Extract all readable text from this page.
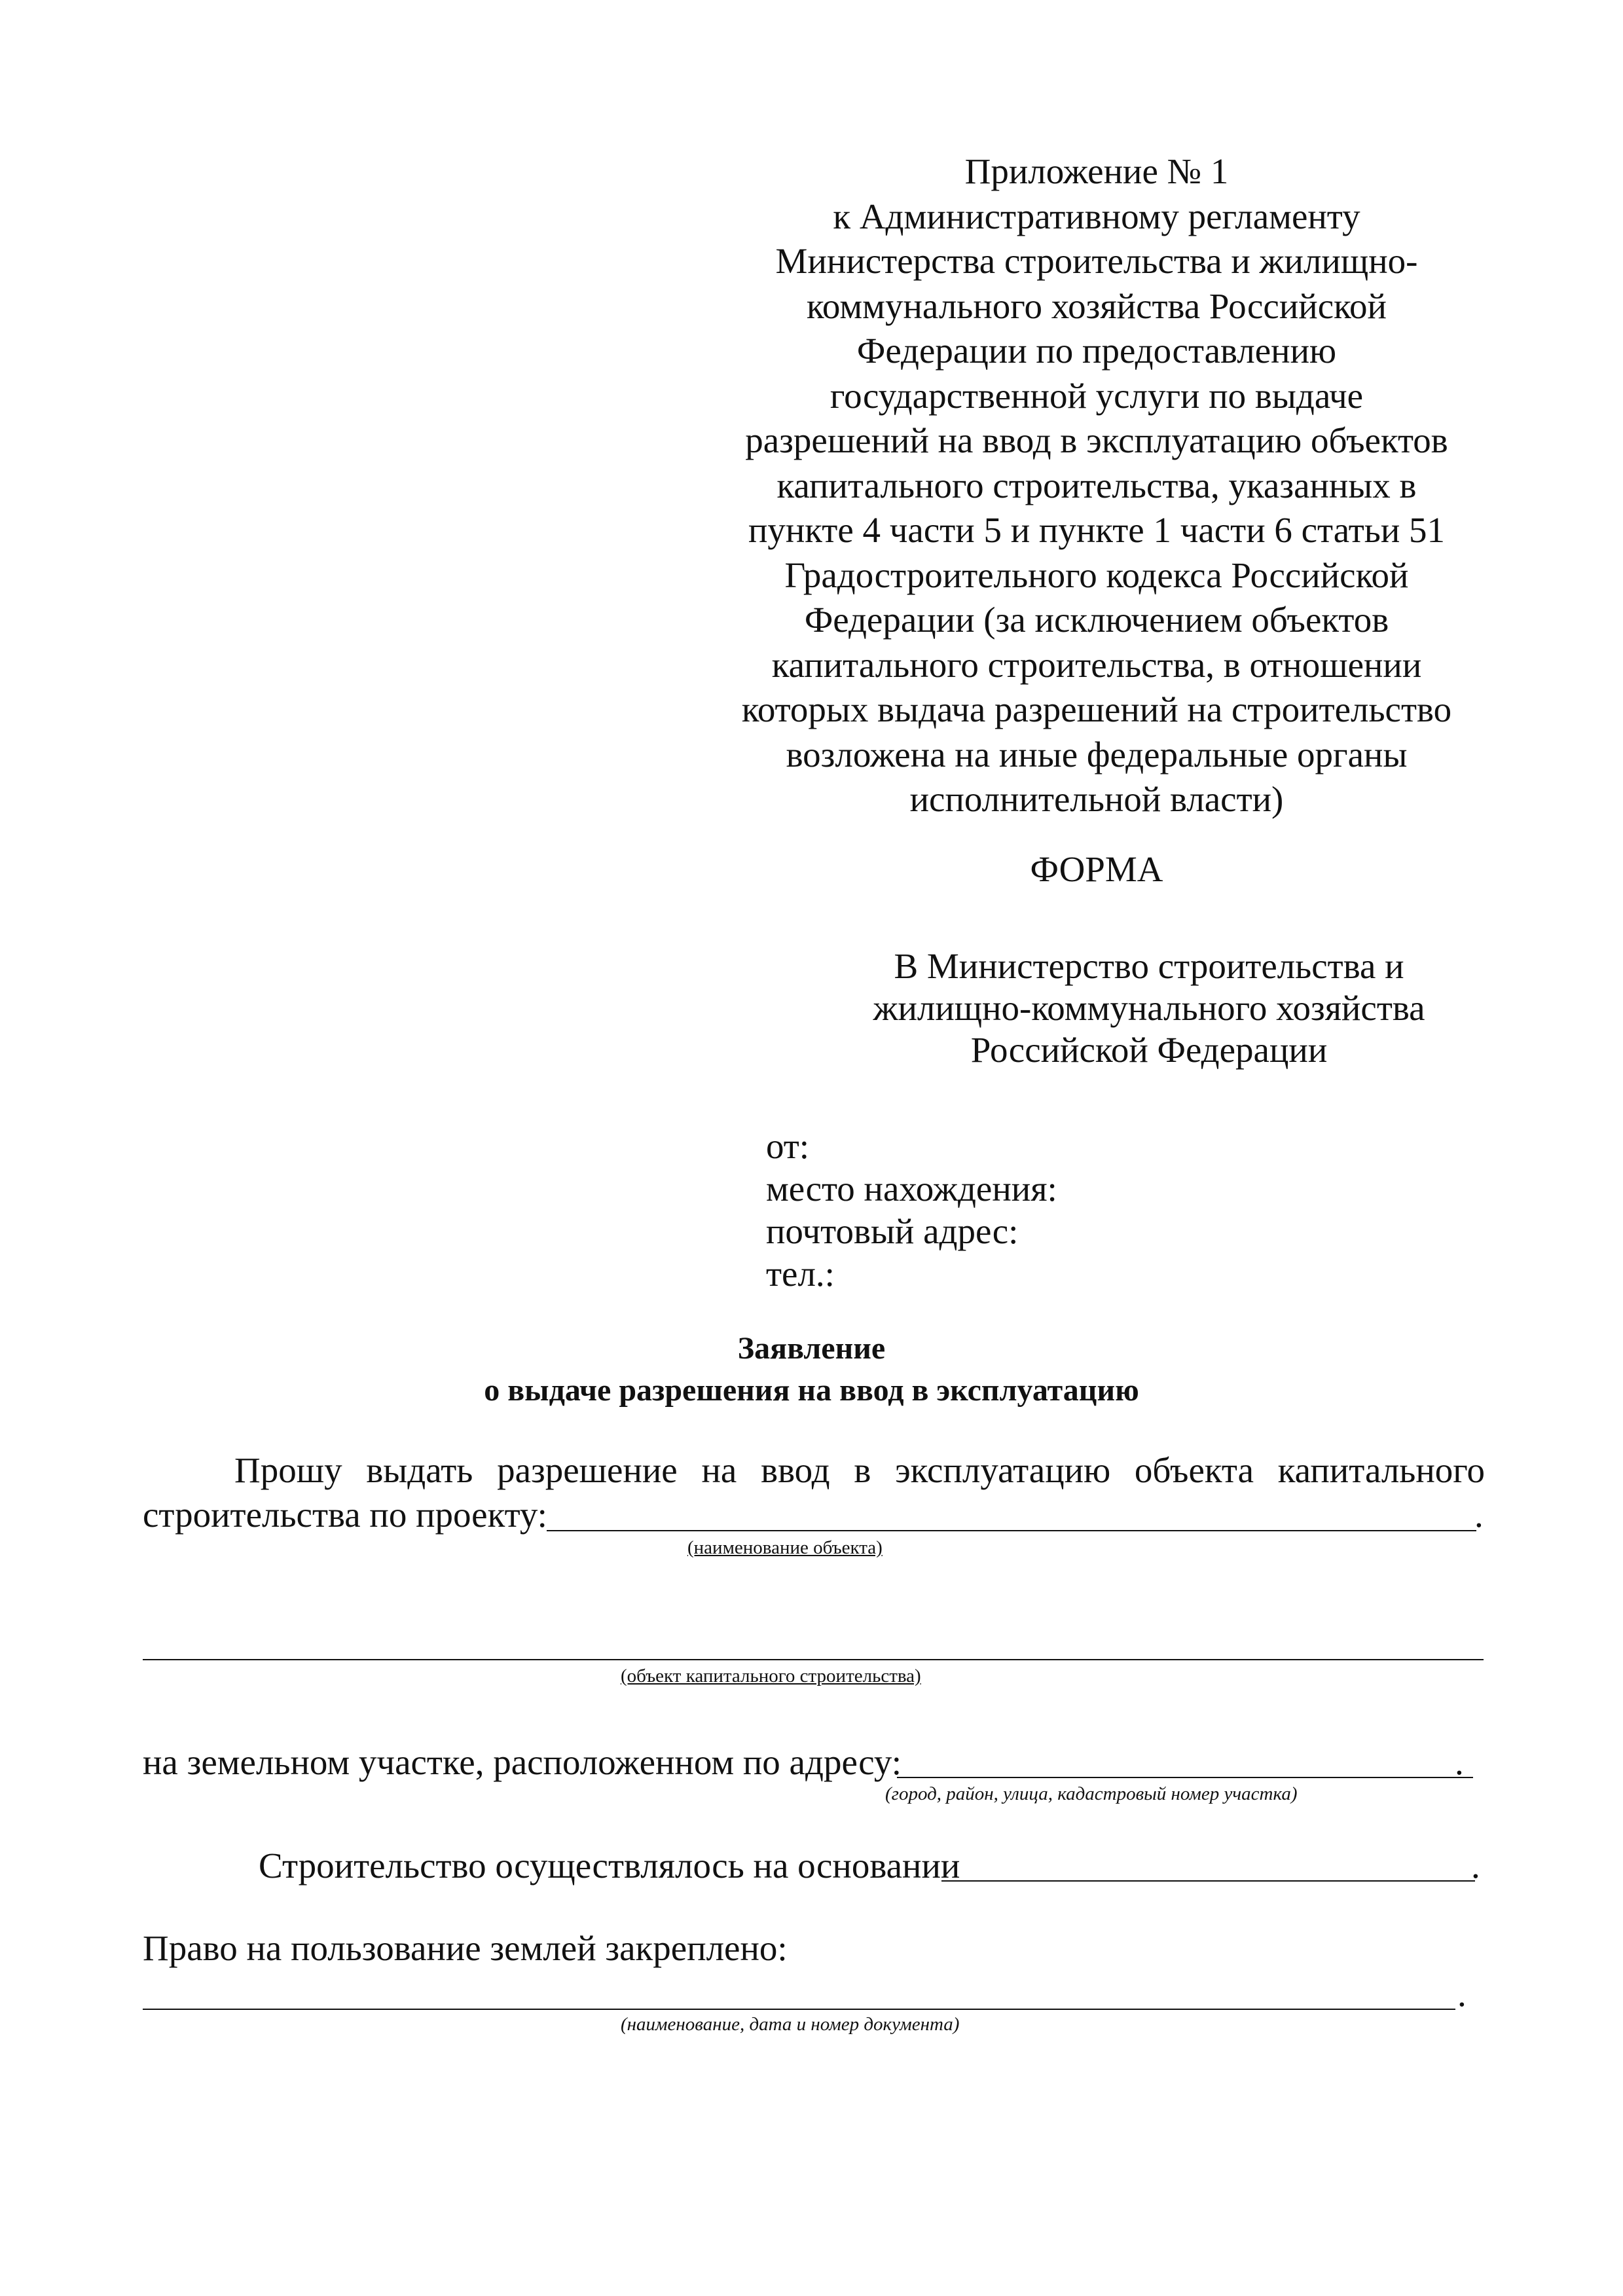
Приложение № 1
к Административному регламенту
Министерства строительства и жилищно-
коммунального хозяйства Российской
Федерации по предоставлению
государственной услуги по выдаче
разрешений на ввод в эксплуатацию объектов
капитального строительства, указанных в
пункте 4 части 5 и пункте 1 части 6 статьи 51
Градостроительного кодекса Российской
Федерации (за исключением объектов
капитального строительства, в отношении
которых выдача разрешений на строительство
возложена на иные федеральные органы
исполнительной власти)
ФОРМА
В Министерство строительства и
жилищно-коммунального хозяйства
Российской Федерации
от:
место нахождения:
почтовый адрес:
тел.:
Заявление
о выдаче разрешения на ввод в эксплуатацию
Прошу выдать разрешение на ввод в эксплуатацию объекта капитального
строительства по проекту:	.
(наименование объекта)
(объект капитального строительства)
на земельном участке, расположенном по адресу:	.
(город, район, улица, кадастровый номер участка)
Строительство осуществлялось на основании	.
Право на пользование землей закреплено:
.
(наименование, дата и номер документа)
